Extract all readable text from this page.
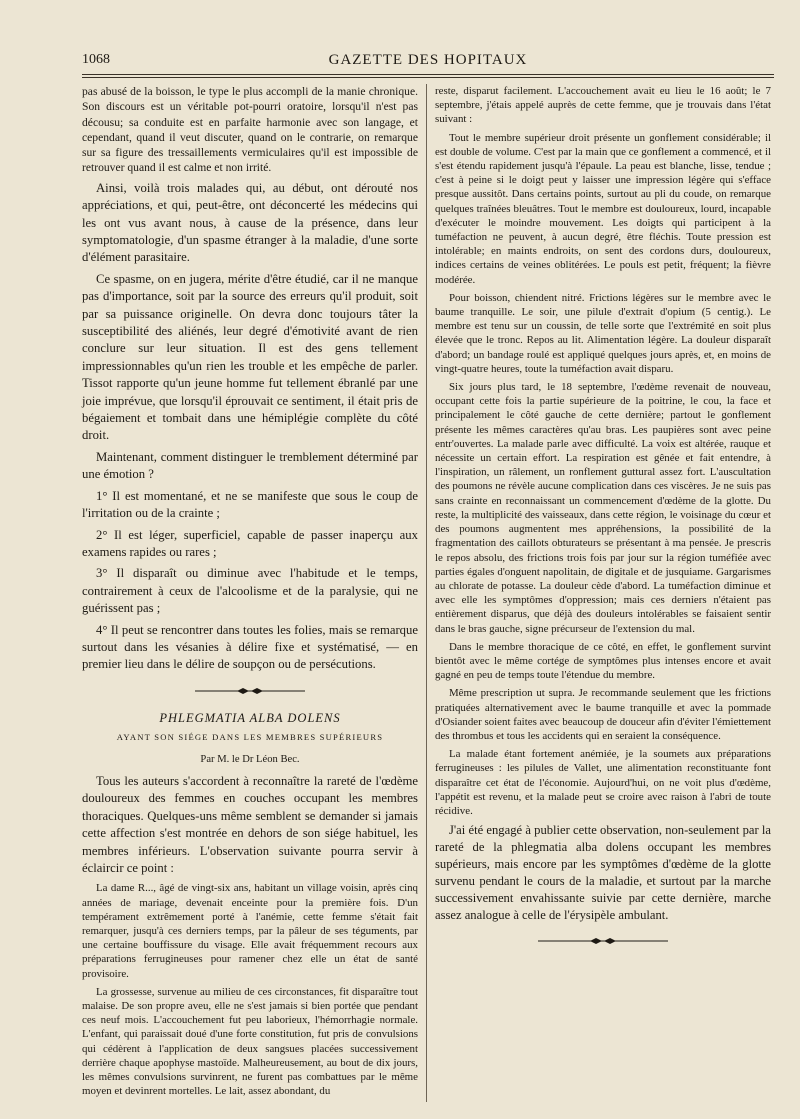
1068	GAZETTE DES HOPITAUX

pas abusé de la boisson, le type le plus accompli de la manie chronique. Son discours est un véritable pot-pourri oratoire, lorsqu'il n'est pas décousu; sa conduite est en parfaite harmonie avec son langage, et cependant, quand il veut discuter, quand on le contrarie, on remarque sur sa figure des tressaillements vermiculaires qu'il est impossible de retrouver quand il est calme et non irrité.

Ainsi, voilà trois malades qui, au début, ont dérouté nos appréciations, et qui, peut-être, ont déconcerté les médecins qui les ont vus avant nous, à cause de la présence, dans leur symptomatologie, d'un spasme étranger à la maladie, d'une sorte d'élément parasitaire.

Ce spasme, on en jugera, mérite d'être étudié, car il ne manque pas d'importance, soit par la source des erreurs qu'il produit, soit par sa puissance originelle. On devra donc toujours tâter la susceptibilité des aliénés, leur degré d'émotivité avant de rien conclure sur leur situation. Il est des gens tellement impressionnables qu'un rien les trouble et les empêche de parler. Tissot rapporte qu'un jeune homme fut tellement ébranlé par une joie imprévue, que lorsqu'il éprouvait ce sentiment, il était pris de bégaiement et tombait dans une hémiplégie complète du côté droit.

Maintenant, comment distinguer le tremblement déterminé par une émotion ?

1° Il est momentané, et ne se manifeste que sous le coup de l'irritation ou de la crainte ;

2° Il est léger, superficiel, capable de passer inaperçu aux examens rapides ou rares ;

3° Il disparaît ou diminue avec l'habitude et le temps, contrairement à ceux de l'alcoolisme et de la paralysie, qui ne guérissent pas ;

4° Il peut se rencontrer dans toutes les folies, mais se remarque surtout dans les vésanies à délire fixe et systématisé, — en premier lieu dans le délire de soupçon ou de persécutions.

PHLEGMATIA ALBA DOLENS
AYANT SON SIÉGE DANS LES MEMBRES SUPÉRIEURS
Par M. le Dr Léon Bec.

Tous les auteurs s'accordent à reconnaître la rareté de l'œdème douloureux des femmes en couches occupant les membres thoraciques. Quelques-uns même semblent se demander si jamais cette affection s'est montrée en dehors de son siége habituel, les membres inférieurs. L'observation suivante pourra servir à éclaircir ce point :

La dame R..., âgé de vingt-six ans, habitant un village voisin, après cinq années de mariage, devenait enceinte pour la première fois. D'un tempérament extrêmement porté à l'anémie, cette femme s'était fait remarquer, jusqu'à ces derniers temps, par la pâleur de ses téguments, par une certaine bouffissure du visage. Elle avait fréquemment recours aux préparations ferrugineuses pour ramener chez elle un état de santé provisoire.

La grossesse, survenue au milieu de ces circonstances, fit disparaître tout malaise. De son propre aveu, elle ne s'est jamais si bien portée que pendant ces neuf mois. L'accouchement fut peu laborieux, l'hémorrhagie normale. L'enfant, qui paraissait doué d'une forte constitution, fut pris de convulsions qui cédèrent à l'application de deux sangsues placées successivement derrière chaque apophyse mastoïde. Malheureusement, au bout de dix jours, les mêmes convulsions survinrent, ne furent pas combattues par le même moyen et devinrent mortelles. Le lait, assez abondant, du

reste, disparut facilement. L'accouchement avait eu lieu le 16 août; le 7 septembre, j'étais appelé auprès de cette femme, que je trouvais dans l'état suivant :

Tout le membre supérieur droit présente un gonflement considérable; il est double de volume. C'est par la main que ce gonflement a commencé, et il s'est étendu rapidement jusqu'à l'épaule. La peau est blanche, lisse, tendue ; c'est à peine si le doigt peut y laisser une impression légère qui s'efface presque aussitôt. Dans certains points, surtout au pli du coude, on remarque quelques traînées bleuâtres. Tout le membre est douloureux, lourd, incapable d'exécuter le moindre mouvement. Les doigts qui participent à la tuméfaction ne peuvent, à aucun degré, être fléchis. Toute pression est intolérable; en maints endroits, on sent des cordons durs, douloureux, indices certains de veines oblitérées. Le pouls est petit, fréquent; la fièvre modérée.

Pour boisson, chiendent nitré. Frictions légères sur le membre avec le baume tranquille. Le soir, une pilule d'extrait d'opium (5 centig.). Le membre est tenu sur un coussin, de telle sorte que l'extrémité en soit plus élevée que le tronc. Repos au lit. Alimentation légère. La douleur disparaît d'abord; un bandage roulé est appliqué quelques jours après, et, en moins de vingt-quatre heures, toute la tuméfaction avait disparu.

Six jours plus tard, le 18 septembre, l'œdème revenait de nouveau, occupant cette fois la partie supérieure de la poitrine, le cou, la face et principalement le côté gauche de cette dernière; partout le gonflement présente les mêmes caractères qu'au bras. Les paupières sont avec peine entr'ouvertes. La malade parle avec difficulté. La voix est altérée, rauque et nécessite un certain effort. La respiration est gênée et fait entendre, à l'inspiration, un râlement, un ronflement guttural assez fort. L'auscultation des poumons ne révèle aucune complication dans ces viscères. Je ne suis pas sans crainte en reconnaissant un commencement d'œdème de la glotte. Du reste, la multiplicité des vaisseaux, dans cette région, le voisinage du cœur et des poumons augmentent mes appréhensions, la possibilité de la fragmentation des caillots obturateurs se présentant à ma pensée. Je prescris le repos absolu, des frictions trois fois par jour sur la région tuméfiée avec parties égales d'onguent napolitain, de digitale et de jusquiame. Gargarismes au chlorate de potasse. La douleur cède d'abord. La tuméfaction diminue et avec elle les symptômes d'oppression; mais ces derniers n'étaient pas entièrement disparus, que déjà des douleurs intolérables se faisaient sentir dans le bras gauche, signe précurseur de l'extension du mal.

Dans le membre thoracique de ce côté, en effet, le gonflement survint bientôt avec le même cortége de symptômes plus intenses encore et avait gagné en peu de temps toute l'étendue du membre.

Même prescription ut supra. Je recommande seulement que les frictions pratiquées alternativement avec le baume tranquille et avec la pommade d'Osiander soient faites avec beaucoup de douceur afin d'éviter l'émiettement des thrombus et tous les accidents qui en seraient la conséquence.

La malade étant fortement anémiée, je la soumets aux préparations ferrugineuses : les pilules de Vallet, une alimentation reconstituante font disparaître cet état de l'économie. Aujourd'hui, on ne voit plus d'œdème, l'appétit est revenu, et la malade peut se croire avec raison à l'abri de toute récidive.

J'ai été engagé à publier cette observation, non-seulement par la rareté de la phlegmatia alba dolens occupant les membres supérieurs, mais encore par les symptômes d'œdème de la glotte survenu pendant le cours de la maladie, et surtout par la marche successivement envahissante suivie par cette dernière, marche assez analogue à celle de l'érysipèle ambulant.
